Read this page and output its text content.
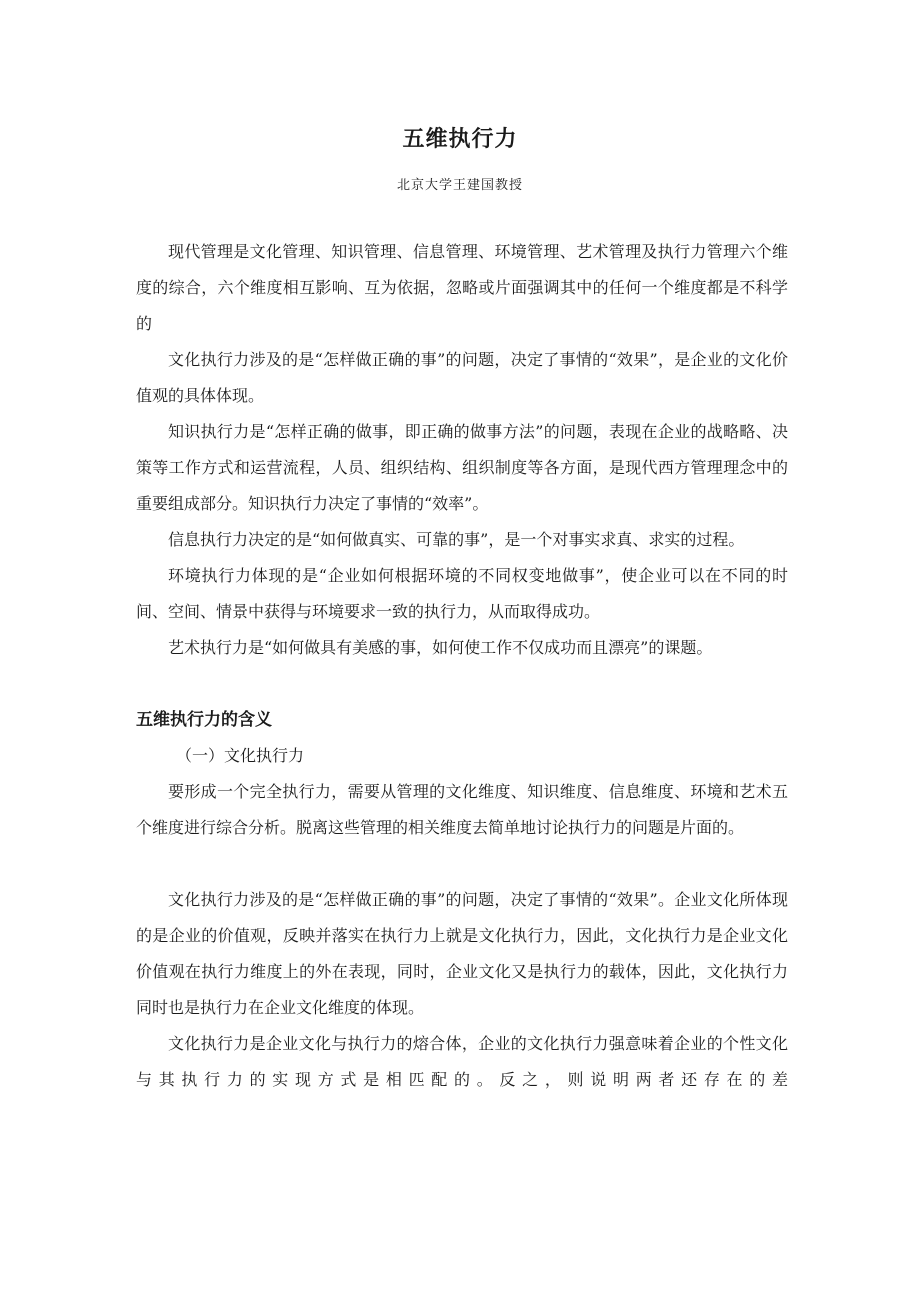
五维执行力
北京大学王建国教授

现代管理是文化管理、知识管理、信息管理、环境管理、艺术管理及执行力管理六个维度的综合，六个维度相互影响、互为依据，忽略或片面强调其中的任何一个维度都是不科学的

文化执行力涉及的是“怎样做正确的事”的问题，决定了事情的“效果”，是企业的文化价值观的具体体现。

知识执行力是“怎样正确的做事，即正确的做事方法”的问题，表现在企业的战略略、决策等工作方式和运营流程，人员、组织结构、组织制度等各方面，是现代西方管理理念中的重要组成部分。知识执行力决定了事情的“效率”。

信息执行力决定的是“如何做真实、可靠的事”，是一个对事实求真、求实的过程。

环境执行力体现的是“企业如何根据环境的不同权变地做事”，使企业可以在不同的时间、空间、情景中获得与环境要求一致的执行力，从而取得成功。

艺术执行力是“如何做具有美感的事，如何使工作不仅成功而且漂亮”的课题。

五维执行力的含义
（一）文化执行力

要形成一个完全执行力，需要从管理的文化维度、知识维度、信息维度、环境和艺术五个维度进行综合分析。脱离这些管理的相关维度去简单地讨论执行力的问题是片面的。

文化执行力涉及的是“怎样做正确的事”的问题，决定了事情的“效果”。企业文化所体现的是企业的价值观，反映并落实在执行力上就是文化执行力，因此，文化执行力是企业文化价值观在执行力维度上的外在表现，同时，企业文化又是执行力的载体，因此，文化执行力同时也是执行力在企业文化维度的体现。

文化执行力是企业文化与执行力的熔合体，企业的文化执行力强意味着企业的个性文化与其执行力的实现方式是相匹配的。反之，则说明两者还存在的差
